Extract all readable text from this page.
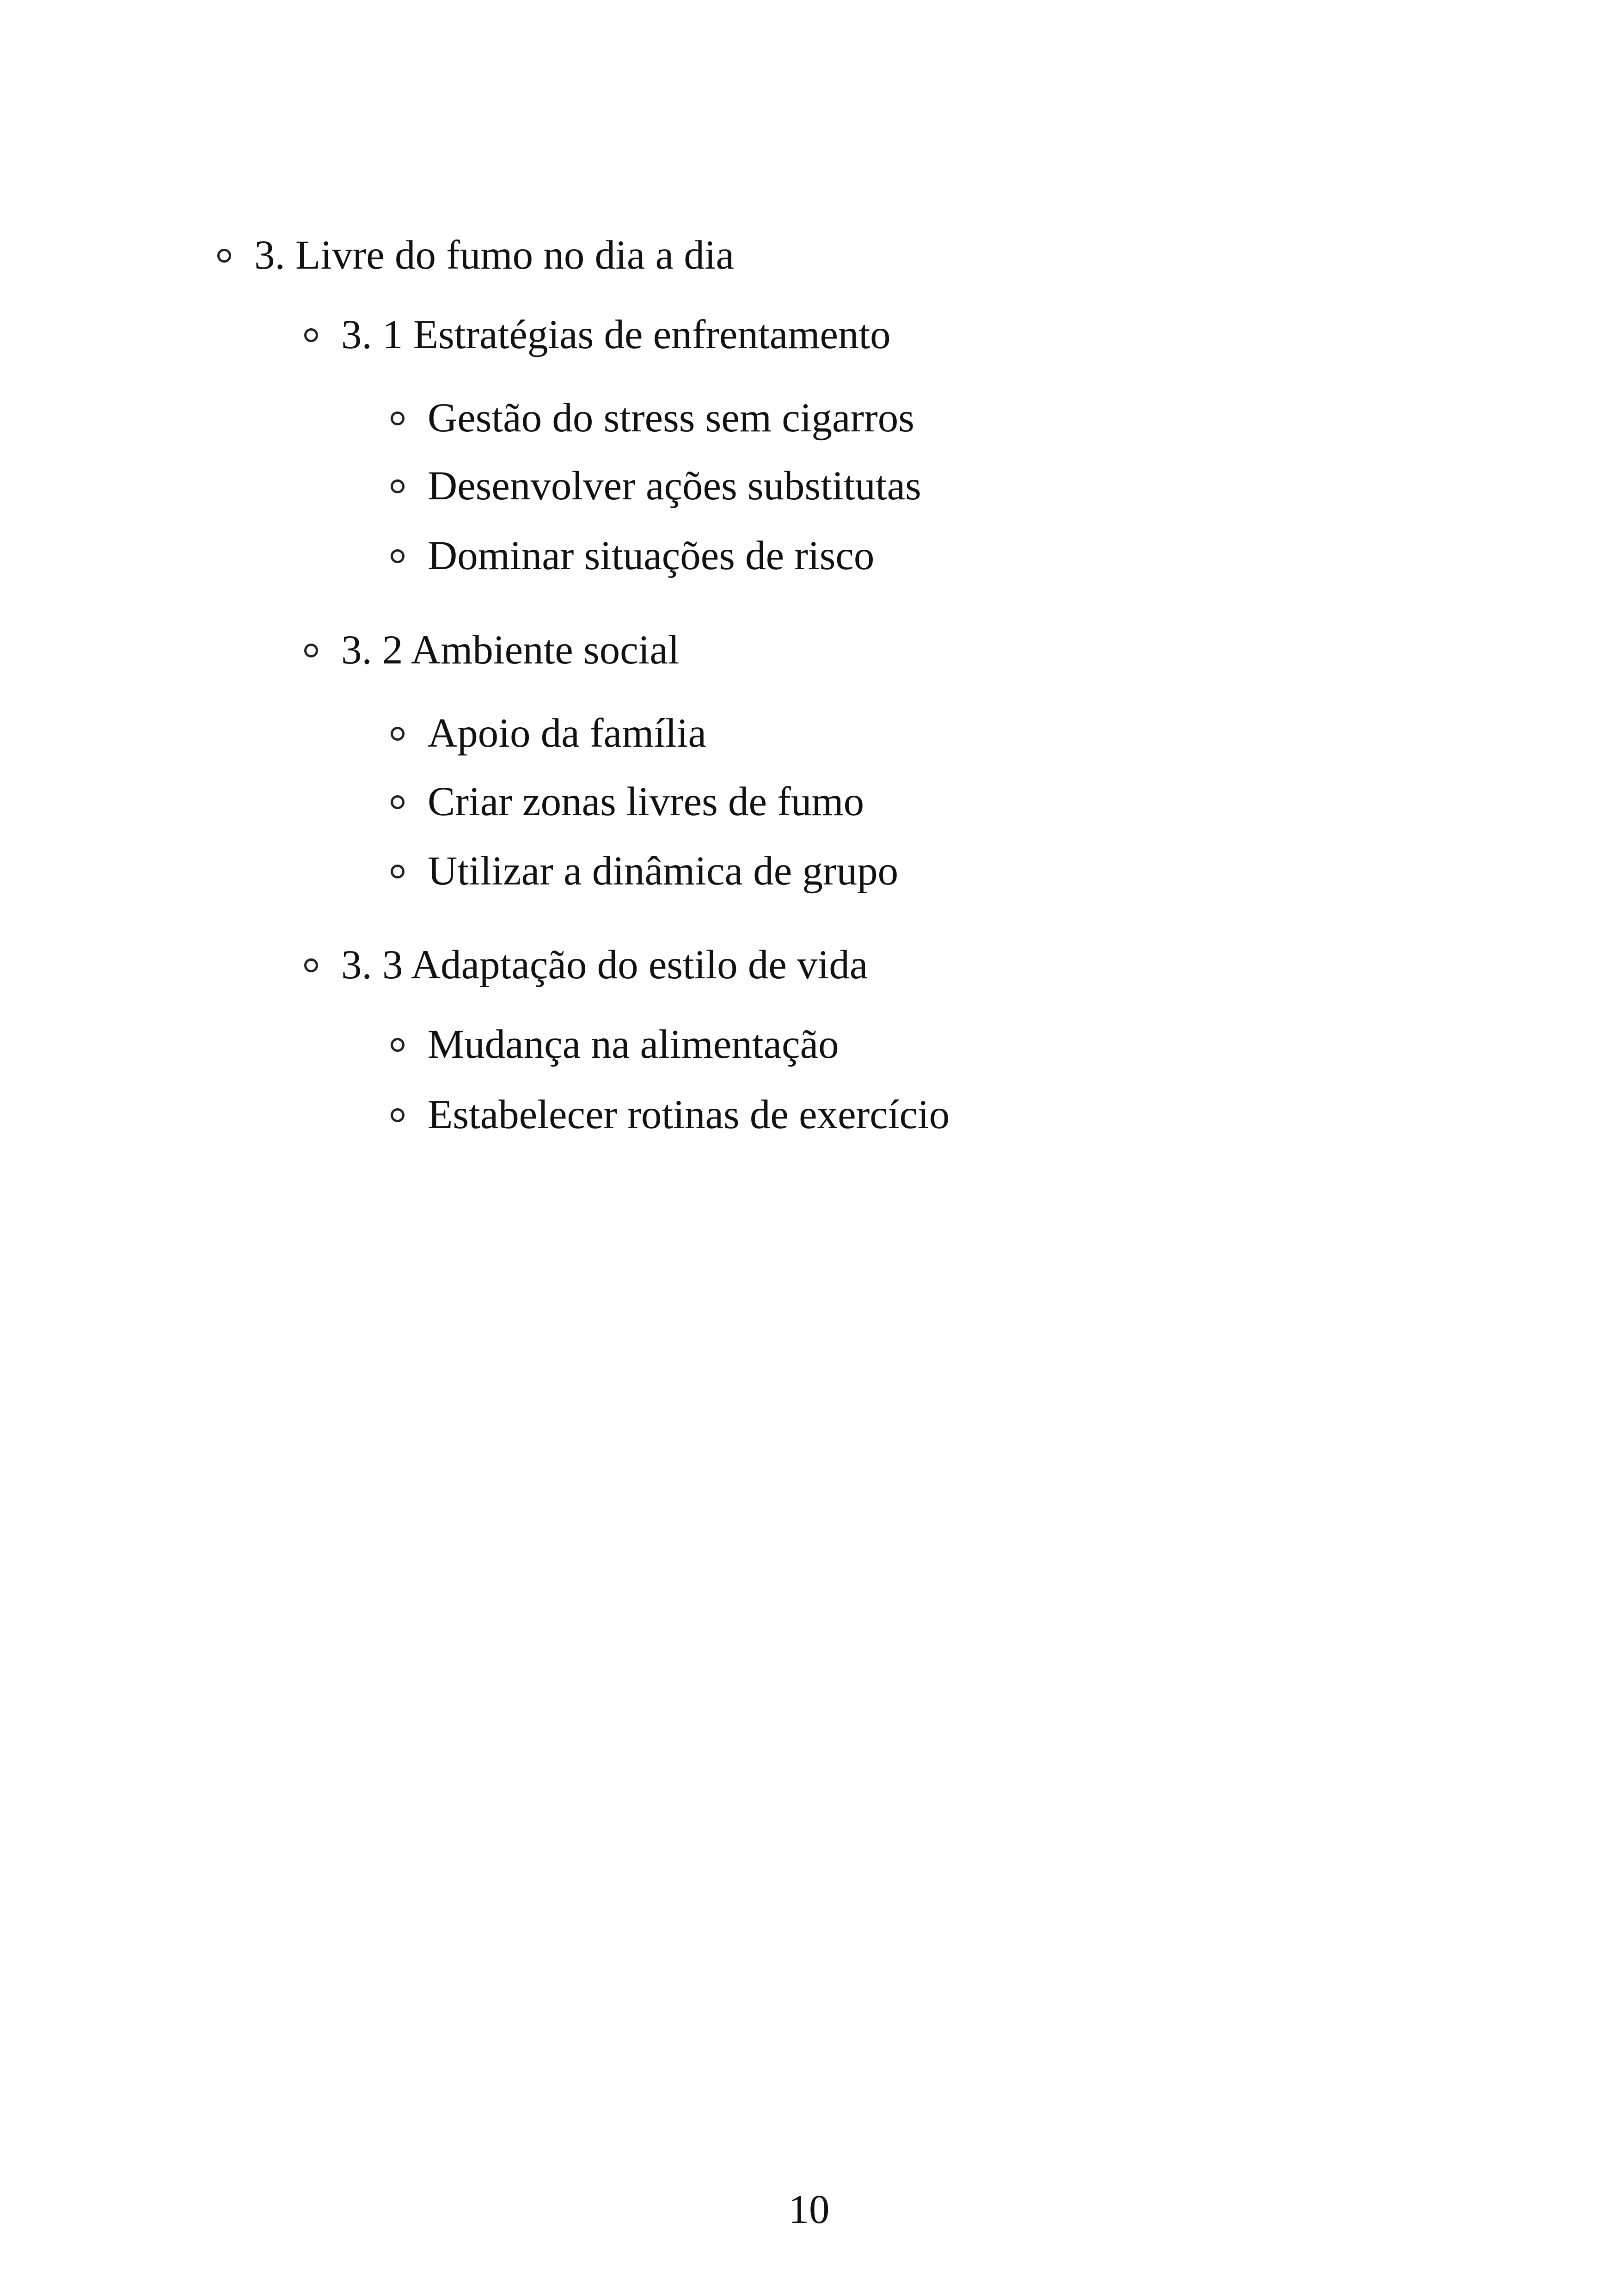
3. Livre do fumo no dia a dia
3. 1 Estratégias de enfrentamento
Gestão do stress sem cigarros
Desenvolver ações substitutas
Dominar situações de risco
3. 2 Ambiente social
Apoio da família
Criar zonas livres de fumo
Utilizar a dinâmica de grupo
3. 3 Adaptação do estilo de vida
Mudança na alimentação
Estabelecer rotinas de exercício
10
